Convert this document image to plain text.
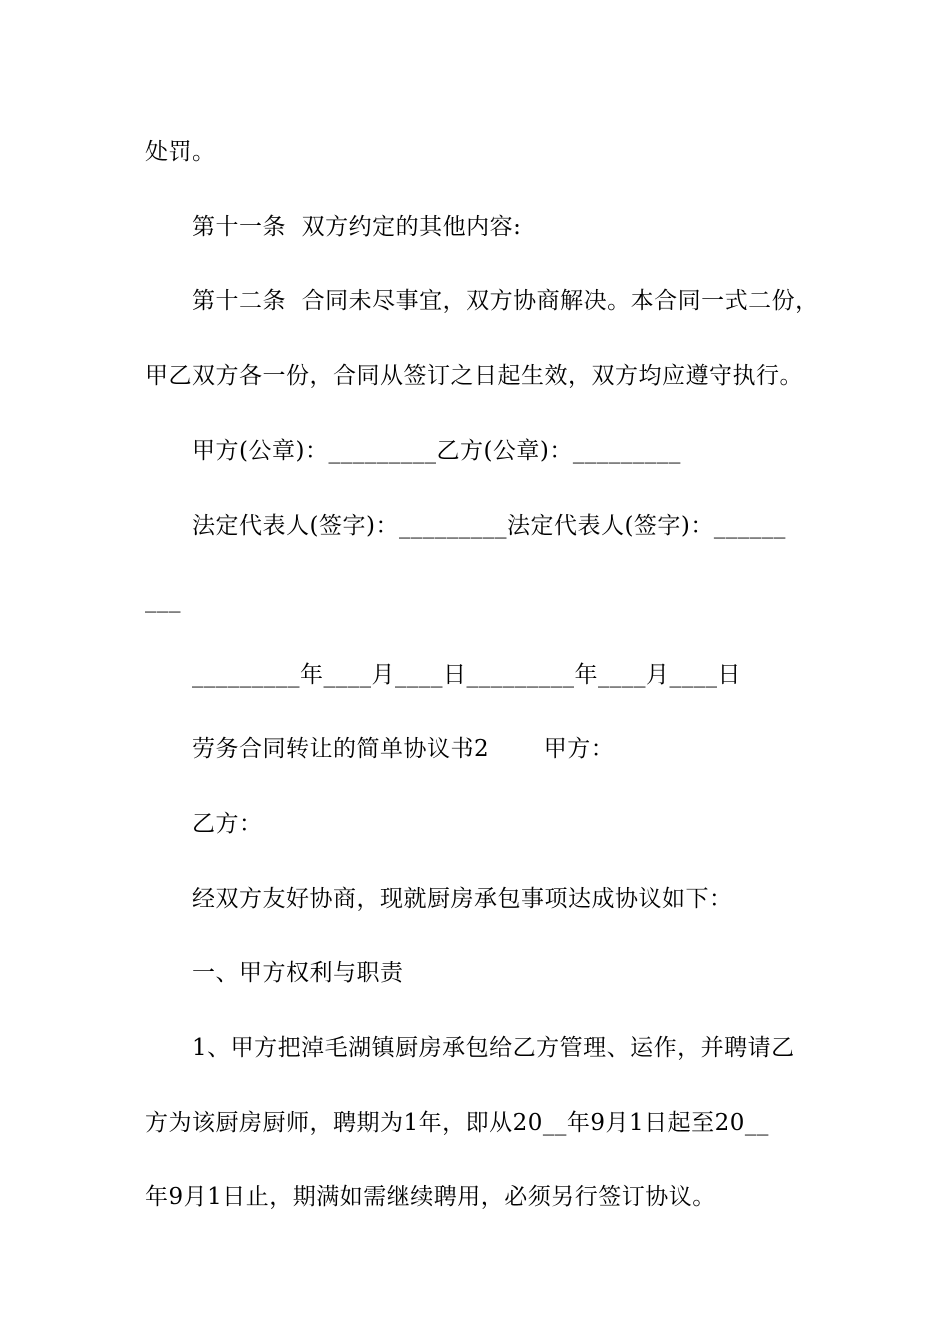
处罚。
第十一条  双方约定的其他内容:
第十二条  合同未尽事宜，双方协商解决。本合同一式二份，
甲乙双方各一份，合同从签订之日起生效，双方均应遵守执行。
甲方(公章)：_________乙方(公章)：_________
法定代表人(签字)：_________法定代表人(签字)：______
___
_________年____月____日_________年____月____日
劳务合同转让的简单协议书2       甲方：
乙方：
经双方友好协商，现就厨房承包事项达成协议如下：
一、甲方权利与职责
1、甲方把淖毛湖镇厨房承包给乙方管理、运作，并聘请乙
方为该厨房厨师，聘期为1年，即从20__年9月1日起至20__
年9月1日止，期满如需继续聘用，必须另行签订协议。
